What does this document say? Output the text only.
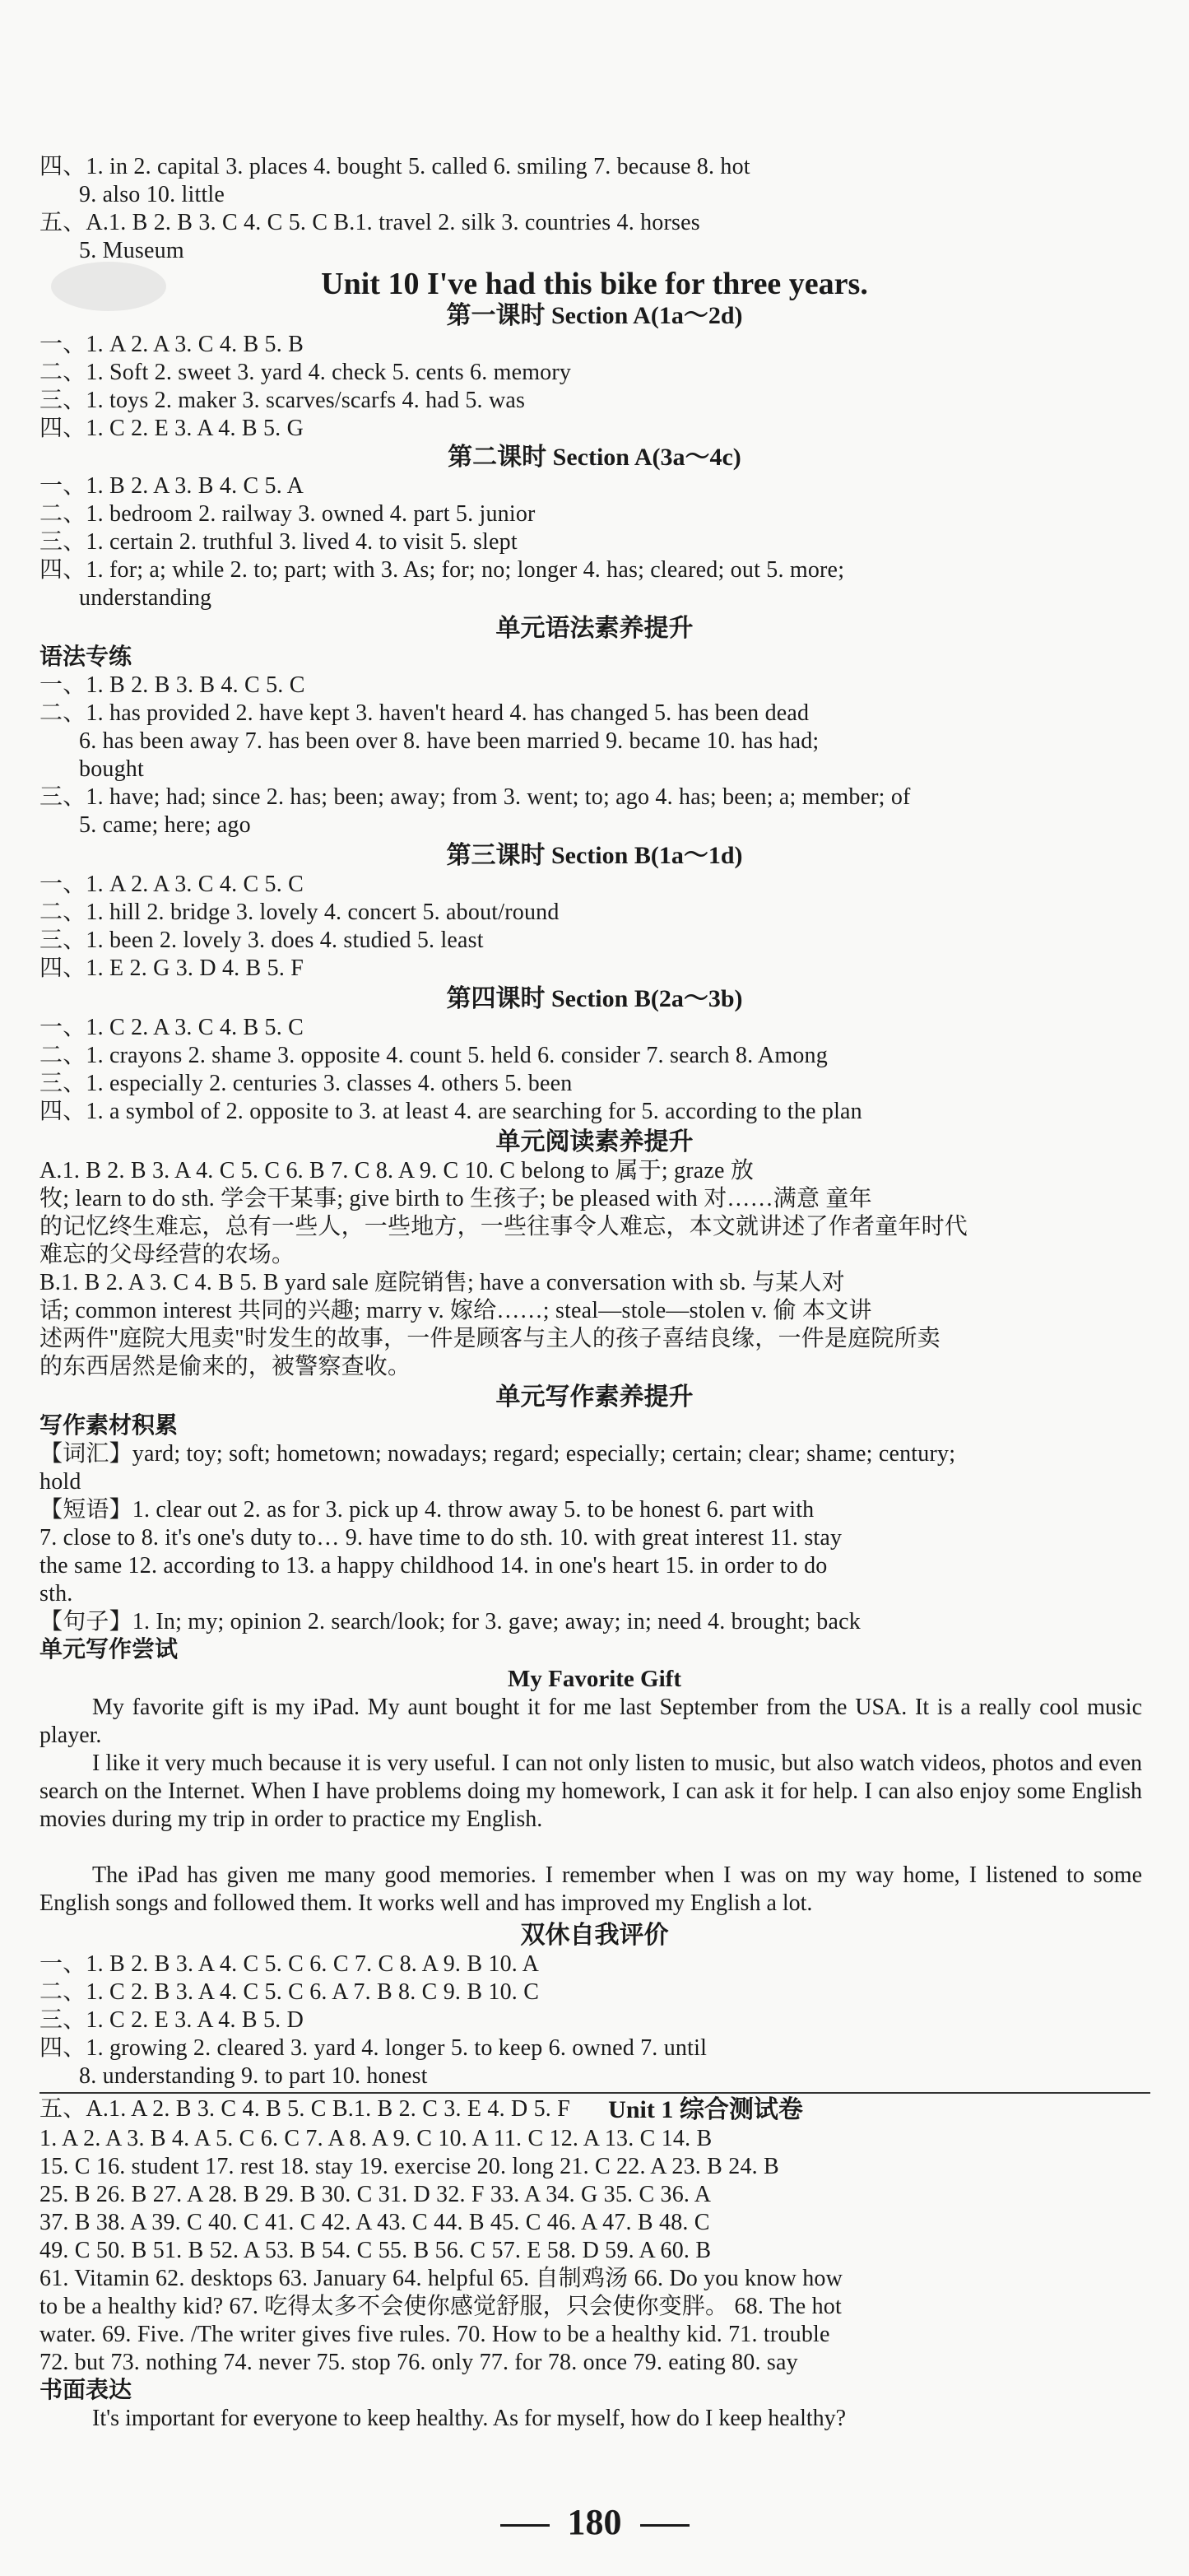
四、1. in 2. capital 3. places 4. bought 5. called 6. smiling 7. because 8. hot
9. also 10. little
五、A.1. B 2. B 3. C 4. C 5. C B.1. travel 2. silk 3. countries 4. horses
5. Museum
Unit 10 I've had this bike for three years.
第一课时 Section A(1a～2d)
一、1. A 2. A 3. C 4. B 5. B
二、1. Soft 2. sweet 3. yard 4. check 5. cents 6. memory
三、1. toys 2. maker 3. scarves/scarfs 4. had 5. was
四、1. C 2. E 3. A 4. B 5. G
第二课时 Section A(3a～4c)
一、1. B 2. A 3. B 4. C 5. A
二、1. bedroom 2. railway 3. owned 4. part 5. junior
三、1. certain 2. truthful 3. lived 4. to visit 5. slept
四、1. for; a; while 2. to; part; with 3. As; for; no; longer 4. has; cleared; out 5. more;
understanding
单元语法素养提升
语法专练
一、1. B 2. B 3. B 4. C 5. C
二、1. has provided 2. have kept 3. haven't heard 4. has changed 5. has been dead
6. has been away 7. has been over 8. have been married 9. became 10. has had;
bought
三、1. have; had; since 2. has; been; away; from 3. went; to; ago 4. has; been; a; member; of
5. came; here; ago
第三课时 Section B(1a～1d)
一、1. A 2. A 3. C 4. C 5. C
二、1. hill 2. bridge 3. lovely 4. concert 5. about/round
三、1. been 2. lovely 3. does 4. studied 5. least
四、1. E 2. G 3. D 4. B 5. F
第四课时 Section B(2a～3b)
一、1. C 2. A 3. C 4. B 5. C
二、1. crayons 2. shame 3. opposite 4. count 5. held 6. consider 7. search 8. Among
三、1. especially 2. centuries 3. classes 4. others 5. been
四、1. a symbol of 2. opposite to 3. at least 4. are searching for 5. according to the plan
单元阅读素养提升
A.1. B 2. B 3. A 4. C 5. C 6. B 7. C 8. A 9. C 10. C belong to 属于; graze 放
牧; learn to do sth. 学会干某事; give birth to 生孩子; be pleased with 对……满意 童年
的记忆终生难忘，总有一些人，一些地方，一些往事令人难忘，本文就讲述了作者童年时代
难忘的父母经营的农场。
B.1. B 2. A 3. C 4. B 5. B yard sale 庭院销售; have a conversation with sb. 与某人对
话; common interest 共同的兴趣; marry v. 嫁给……; steal—stole—stolen v. 偷 本文讲
述两件"庭院大甩卖"时发生的故事，一件是顾客与主人的孩子喜结良缘，一件是庭院所卖
的东西居然是偷来的，被警察查收。
单元写作素养提升
写作素材积累
【词汇】yard; toy; soft; hometown; nowadays; regard; especially; certain; clear; shame; century;
hold
【短语】1. clear out 2. as for 3. pick up 4. throw away 5. to be honest 6. part with
7. close to 8. it's one's duty to… 9. have time to do sth. 10. with great interest 11. stay
the same 12. according to 13. a happy childhood 14. in one's heart 15. in order to do
sth.
【句子】1. In; my; opinion 2. search/look; for 3. gave; away; in; need 4. brought; back
单元写作尝试
My Favorite Gift
My favorite gift is my iPad. My aunt bought it for me last September from the USA. It is a really cool music player.
I like it very much because it is very useful. I can not only listen to music, but also watch videos, photos and even search on the Internet. When I have problems doing my homework, I can ask it for help. I can also enjoy some English movies during my trip in order to practice my English.
The iPad has given me many good memories. I remember when I was on my way home, I listened to some English songs and followed them. It works well and has improved my English a lot.
双休自我评价
一、1. B 2. B 3. A 4. C 5. C 6. C 7. C 8. A 9. B 10. A
二、1. C 2. B 3. A 4. C 5. C 6. A 7. B 8. C 9. B 10. C
三、1. C 2. E 3. A 4. B 5. D
四、1. growing 2. cleared 3. yard 4. longer 5. to keep 6. owned 7. until
8. understanding 9. to part 10. honest
五、A.1. A 2. B 3. C 4. B 5. C B.1. B 2. C 3. E 4. D 5. F	Unit 1 综合测试卷
1. A 2. A 3. B 4. A 5. C 6. C 7. A 8. A 9. C 10. A 11. C 12. A 13. C 14. B
15. C 16. student 17. rest 18. stay 19. exercise 20. long 21. C 22. A 23. B 24. B
25. B 26. B 27. A 28. B 29. B 30. C 31. D 32. F 33. A 34. G 35. C 36. A
37. B 38. A 39. C 40. C 41. C 42. A 43. C 44. B 45. C 46. A 47. B 48. C
49. C 50. B 51. B 52. A 53. B 54. C 55. B 56. C 57. E 58. D 59. A 60. B
61. Vitamin 62. desktops 63. January 64. helpful 65. 自制鸡汤 66. Do you know how
to be a healthy kid? 67. 吃得太多不会使你感觉舒服，只会使你变胖。 68. The hot
water. 69. Five. /The writer gives five rules. 70. How to be a healthy kid. 71. trouble
72. but 73. nothing 74. never 75. stop 76. only 77. for 78. once 79. eating 80. say
书面表达
It's important for everyone to keep healthy. As for myself, how do I keep healthy?
180
